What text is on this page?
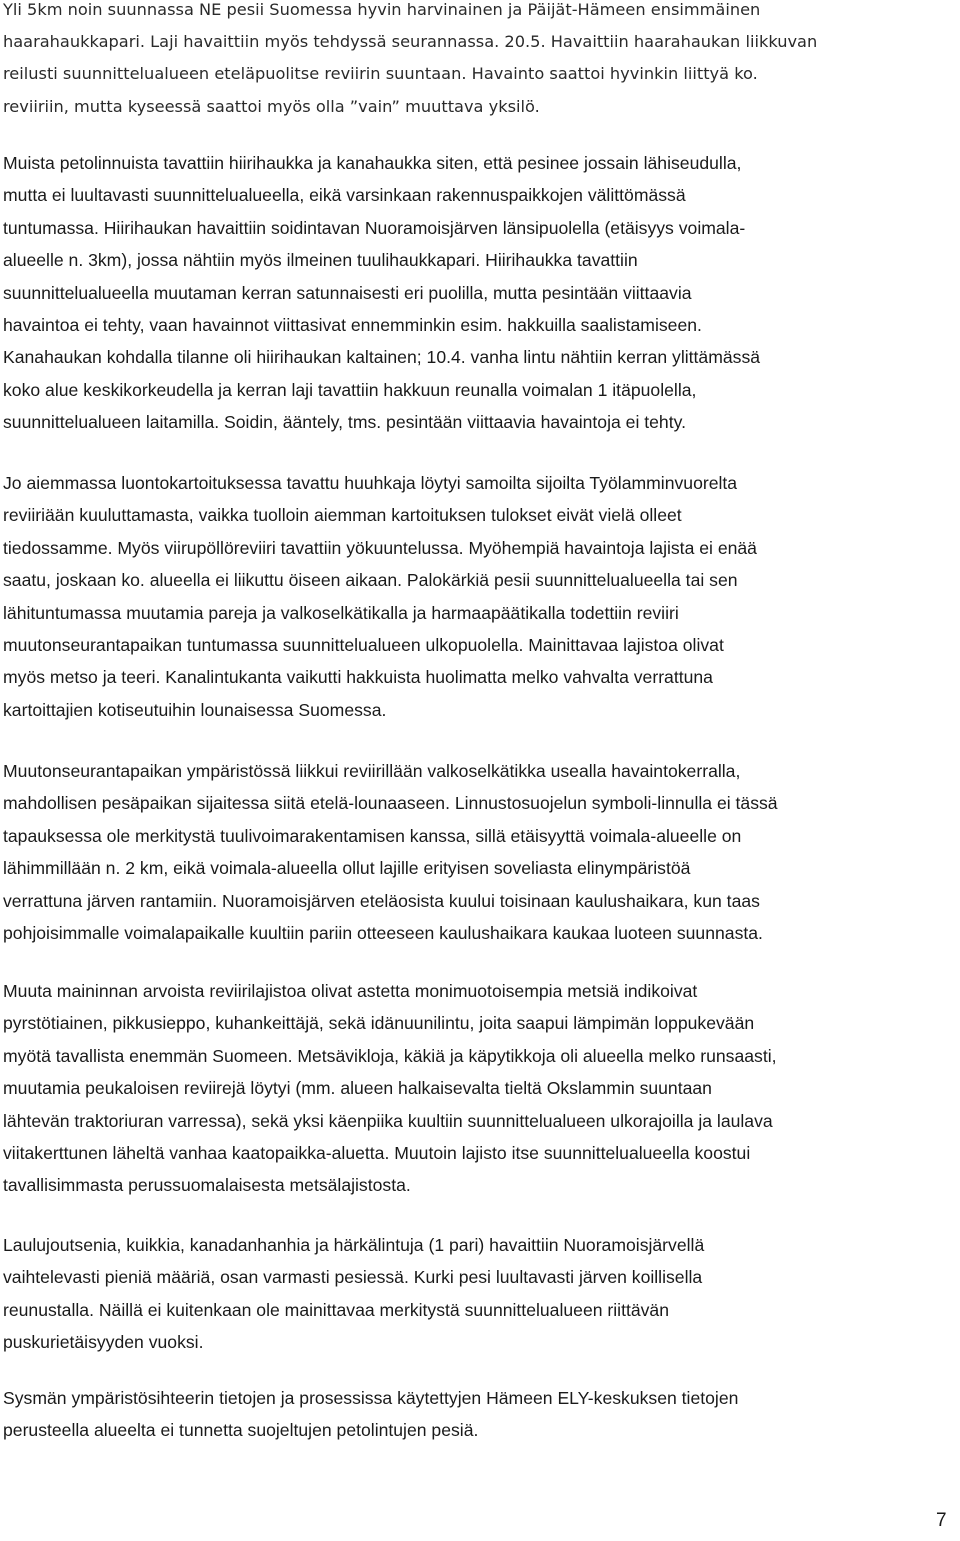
Yli 5km noin suunnassa NE pesii Suomessa hyvin harvinainen ja Päijät-Hämeen ensimmäinen
haarahaukkapari. Laji havaittiin myös tehdyssä seurannassa. 20.5. Havaittiin haarahaukan liikkuvan
reilusti suunnittelualueen eteläpuolitse reviirin suuntaan. Havainto saattoi hyvinkin liittyä ko.
reviiriin, mutta kyseessä saattoi myös olla ”vain” muuttava yksilö.

Muista petolinnuista tavattiin hiirihaukka ja kanahaukka siten, että pesinee jossain lähiseudulla,
mutta ei luultavasti suunnittelualueella, eikä varsinkaan rakennuspaikkojen välittömässä
tuntumassa. Hiirihaukan havaittiin soidintavan Nuoramoisjärven länsipuolella (etäisyys voimala-
alueelle n. 3km), jossa nähtiin myös ilmeinen tuulihaukkapari. Hiirihaukka tavattiin
suunnittelualueella muutaman kerran satunnaisesti eri puolilla, mutta pesintään viittaavia
havaintoa ei tehty, vaan havainnot viittasivat ennemminkin esim. hakkuilla saalistamiseen.
Kanahaukan kohdalla tilanne oli hiirihaukan kaltainen; 10.4. vanha lintu nähtiin kerran ylittämässä
koko alue keskikorkeudella ja kerran laji tavattiin hakkuun reunalla voimalan 1 itäpuolella,
suunnittelualueen laitamilla. Soidin, ääntely, tms. pesintään viittaavia havaintoja ei tehty.

Jo aiemmassa luontokartoituksessa tavattu huuhkaja löytyi samoilta sijoilta Työlamminvuorelta
reviiriään kuuluttamasta, vaikka tuolloin aiemman kartoituksen tulokset eivät vielä olleet
tiedossamme. Myös viirupöllöreviiri tavattiin yökuuntelussa. Myöhempiä havaintoja lajista ei enää
saatu, joskaan ko. alueella ei liikuttu öiseen aikaan. Palokärkiä pesii suunnittelualueella tai sen
lähituntumassa muutamia pareja ja valkoselkätikalla ja harmaapäätikalla todettiin reviiri
muutonseurantapaikan tuntumassa suunnittelualueen ulkopuolella. Mainittavaa lajistoa olivat
myös metso ja teeri. Kanalintukanta vaikutti hakkuista huolimatta melko vahvalta verrattuna
kartoittajien kotiseutuihin lounaisessa Suomessa.

Muutonseurantapaikan ympäristössä liikkui reviirillään valkoselkätikka usealla havaintokerralla,
mahdollisen pesäpaikan sijaitessa siitä etelä-lounaaseen. Linnustosuojelun symboli-linnulla ei tässä
tapauksessa ole merkitystä tuulivoimarakentamisen kanssa, sillä etäisyyttä voimala-alueelle on
lähimmillään n. 2 km, eikä voimala-alueella ollut lajille erityisen soveliasta elinympäristöä
verrattuna järven rantamiin. Nuoramoisjärven eteläosista kuului toisinaan kaulushaikara, kun taas
pohjoisimmalle voimalapaikalle kuultiin pariin otteeseen kaulushaikara kaukaa luoteen suunnasta.

Muuta maininnan arvoista reviirilajistoa olivat astetta monimuotoisempia metsiä indikoivat
pyrstötiainen, pikkusieppo, kuhankeittäjä, sekä idänuunilintu, joita saapui lämpimän loppukevään
myötä tavallista enemmän Suomeen. Metsävikloja, käkiä ja käpytikkoja oli alueella melko runsaasti,
muutamia peukaloisen reviirejä löytyi (mm. alueen halkaisevalta tieltä Okslammin suuntaan
lähtevän traktoriuran varressa), sekä yksi käenpiika kuultiin suunnittelualueen ulkorajoilla ja laulava
viitakerttunen läheltä vanhaa kaatopaikka-aluetta. Muutoin lajisto itse suunnittelualueella koostui
tavallisimmasta perussuomalaisesta metsälajistosta.

Laulujoutsenia, kuikkia, kanadanhanhia ja härkälintuja (1 pari) havaittiin Nuoramoisjärvellä
vaihtelevasti pieniä määriä, osan varmasti pesiessä. Kurki pesi luultavasti järven koillisella
reunustalla. Näillä ei kuitenkaan ole mainittavaa merkitystä suunnittelualueen riittävän
puskurietäisyyden vuoksi.

Sysmän ympäristösihteerin tietojen ja prosessissa käytettyjen Hämeen ELY-keskuksen tietojen
perusteella alueelta ei tunnetta suojeltujen petolintujen pesiä.

7
